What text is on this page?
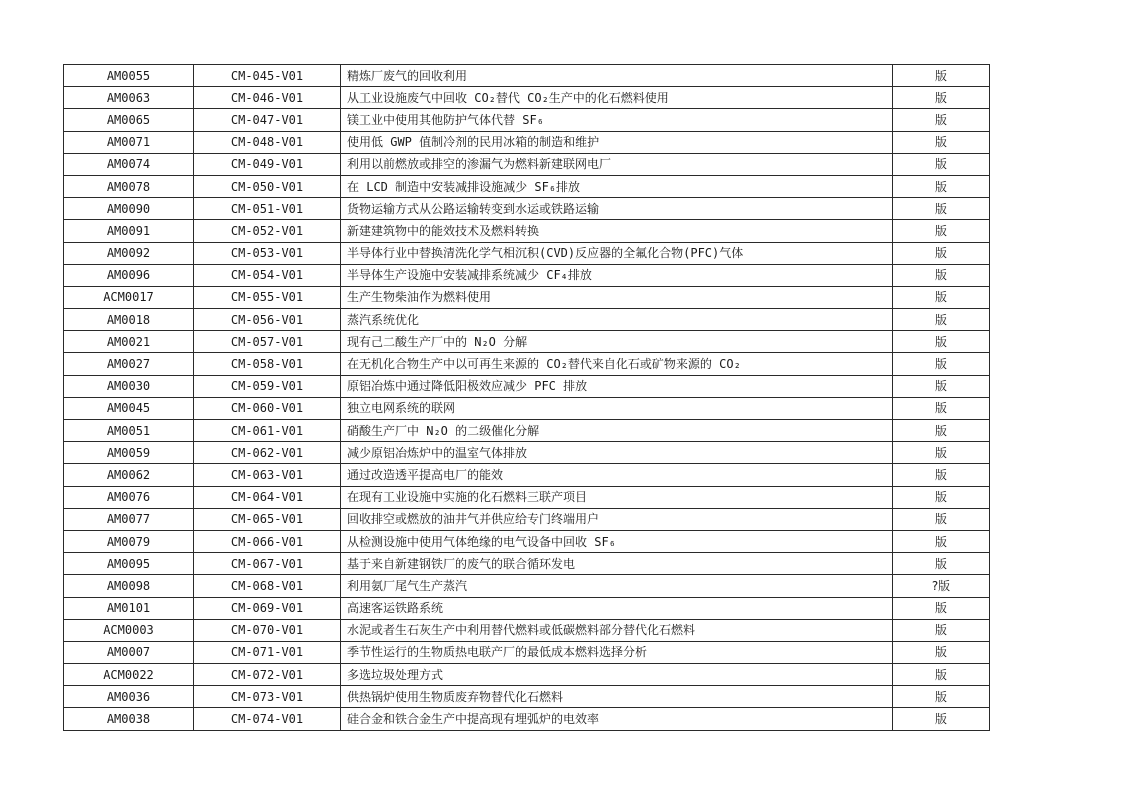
AM0055	CM-045-V01	精炼厂废气的回收利用	版
AM0063	CM-046-V01	从工业设施废气中回收 CO₂替代 CO₂生产中的化石燃料使用	版
AM0065	CM-047-V01	镁工业中使用其他防护气体代替 SF₆	版
AM0071	CM-048-V01	使用低 GWP 值制冷剂的民用冰箱的制造和维护	版
AM0074	CM-049-V01	利用以前燃放或排空的渗漏气为燃料新建联网电厂	版
AM0078	CM-050-V01	在 LCD 制造中安装减排设施减少 SF₆排放	版
AM0090	CM-051-V01	货物运输方式从公路运输转变到水运或铁路运输	版
AM0091	CM-052-V01	新建建筑物中的能效技术及燃料转换	版
AM0092	CM-053-V01	半导体行业中替换清洗化学气相沉积(CVD)反应器的全氟化合物(PFC)气体	版
AM0096	CM-054-V01	半导体生产设施中安装减排系统减少 CF₄排放	版
ACM0017	CM-055-V01	生产生物柴油作为燃料使用	版
AM0018	CM-056-V01	蒸汽系统优化	版
AM0021	CM-057-V01	现有己二酸生产厂中的 N₂O 分解	版
AM0027	CM-058-V01	在无机化合物生产中以可再生来源的 CO₂替代来自化石或矿物来源的 CO₂	版
AM0030	CM-059-V01	原铝冶炼中通过降低阳极效应减少 PFC 排放	版
AM0045	CM-060-V01	独立电网系统的联网	版
AM0051	CM-061-V01	硝酸生产厂中 N₂O 的二级催化分解	版
AM0059	CM-062-V01	减少原铝冶炼炉中的温室气体排放	版
AM0062	CM-063-V01	通过改造透平提高电厂的能效	版
AM0076	CM-064-V01	在现有工业设施中实施的化石燃料三联产项目	版
AM0077	CM-065-V01	回收排空或燃放的油井气并供应给专门终端用户	版
AM0079	CM-066-V01	从检测设施中使用气体绝缘的电气设备中回收 SF₆	版
AM0095	CM-067-V01	基于来自新建钢铁厂的废气的联合循环发电	版
AM0098	CM-068-V01	利用氨厂尾气生产蒸汽	?版
AM0101	CM-069-V01	高速客运铁路系统	版
ACM0003	CM-070-V01	水泥或者生石灰生产中利用替代燃料或低碳燃料部分替代化石燃料	版
AM0007	CM-071-V01	季节性运行的生物质热电联产厂的最低成本燃料选择分析	版
ACM0022	CM-072-V01	多选垃圾处理方式	版
AM0036	CM-073-V01	供热锅炉使用生物质废弃物替代化石燃料	版
AM0038	CM-074-V01	硅合金和铁合金生产中提高现有埋弧炉的电效率	版
